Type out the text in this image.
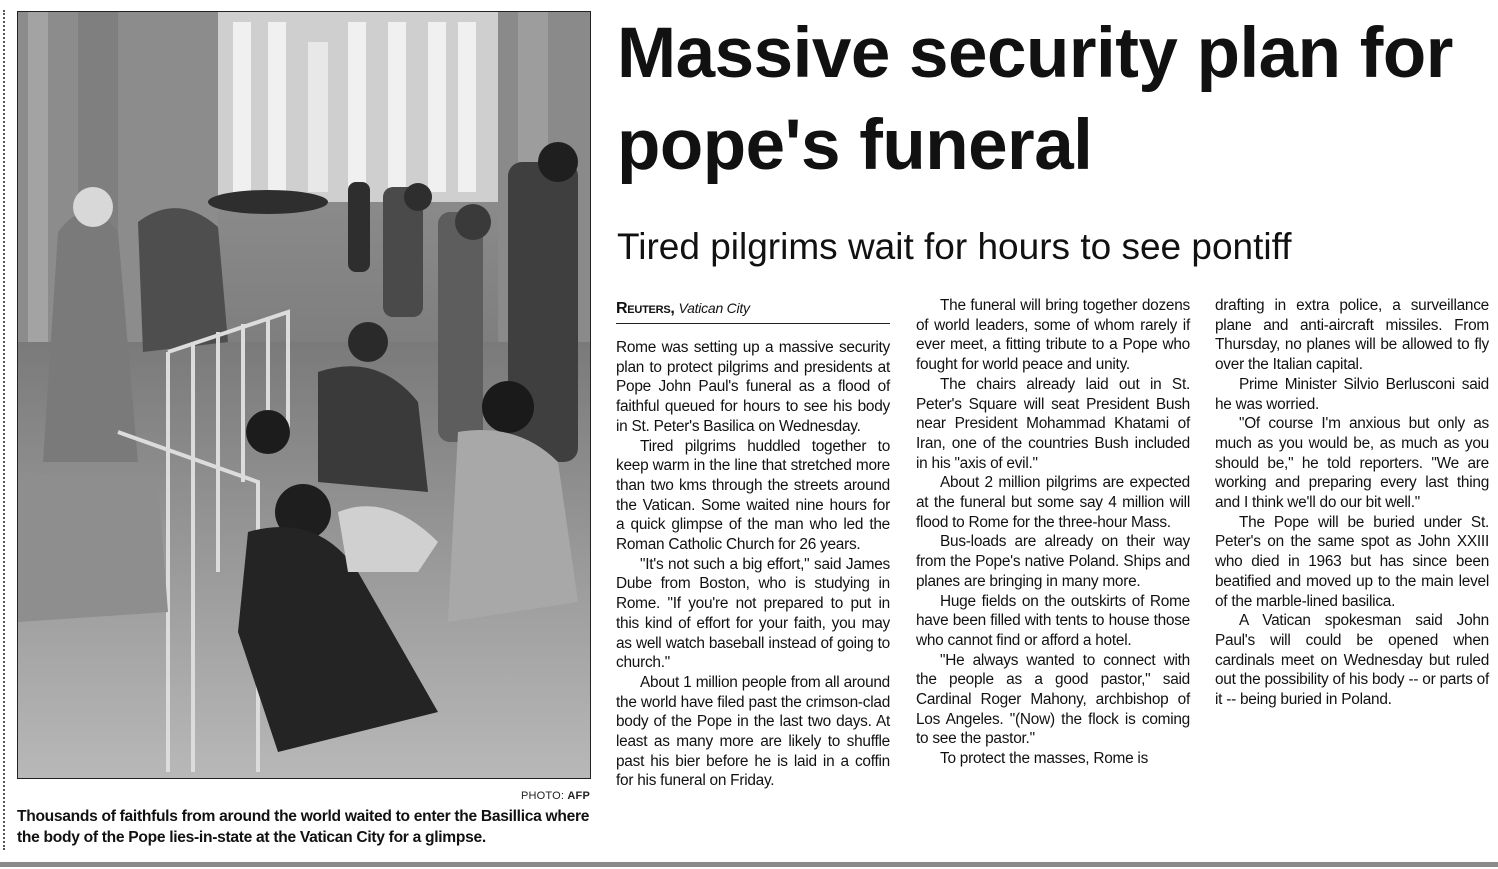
PHOTO: AFP
Thousands of faithfuls from around the world waited to enter the Basillica where the body of the Pope lies-in-state at the Vatican City for a glimpse.
Massive security plan for pope's funeral
Tired pilgrims wait for hours to see pontiff
Reuters, Vatican City

Rome was setting up a massive security plan to protect pilgrims and presidents at Pope John Paul's funeral as a flood of faithful queued for hours to see his body in St. Peter's Basilica on Wednesday.

Tired pilgrims huddled together to keep warm in the line that stretched more than two kms through the streets around the Vatican. Some waited nine hours for a quick glimpse of the man who led the Roman Catholic Church for 26 years.

"It's not such a big effort," said James Dube from Boston, who is studying in Rome. "If you're not prepared to put in this kind of effort for your faith, you may as well watch baseball instead of going to church."

About 1 million people from all around the world have filed past the crimson-clad body of the Pope in the last two days. At least as many more are likely to shuffle past his bier before he is laid in a coffin for his funeral on Friday.

The funeral will bring together dozens of world leaders, some of whom rarely if ever meet, a fitting tribute to a Pope who fought for world peace and unity.

The chairs already laid out in St. Peter's Square will seat President Bush near President Mohammad Khatami of Iran, one of the countries Bush included in his "axis of evil."

About 2 million pilgrims are expected at the funeral but some say 4 million will flood to Rome for the three-hour Mass.

Bus-loads are already on their way from the Pope's native Poland. Ships and planes are bringing in many more.

Huge fields on the outskirts of Rome have been filled with tents to house those who cannot find or afford a hotel.

"He always wanted to connect with the people as a good pastor," said Cardinal Roger Mahony, archbishop of Los Angeles. "(Now) the flock is coming to see the pastor."

To protect the masses, Rome is

drafting in extra police, a surveillance plane and anti-aircraft missiles. From Thursday, no planes will be allowed to fly over the Italian capital.

Prime Minister Silvio Berlusconi said he was worried.

"Of course I'm anxious but only as much as you would be, as much as you should be," he told reporters. "We are working and preparing every last thing and I think we'll do our bit well."

The Pope will be buried under St. Peter's on the same spot as John XXIII who died in 1963 but has since been beatified and moved up to the main level of the marble-lined basilica.

A Vatican spokesman said John Paul's will could be opened when cardinals meet on Wednesday but ruled out the possibility of his body -- or parts of it -- being buried in Poland.
